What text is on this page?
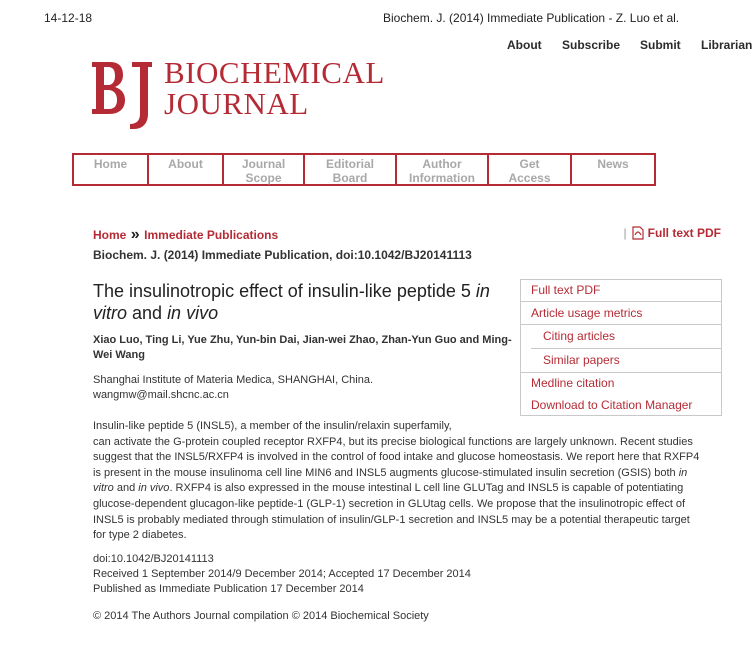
14-12-18	Biochem. J. (2014) Immediate Publication - Z. Luo et al.
About Subscribe Submit Librarian
BIOCHEMICAL
JOURNAL
Home	About	Journal
Scope
Editorial
Board
Author
Information
Get
Access
News
Home » Immediate Publications	| Full text PDF
Biochem. J. (2014) Immediate Publication, doi:10.1042/BJ20141113
The insulinotropic effect of insulin-like peptide 5 in vitro and in vivo
Xiao Luo, Ting Li, Yue Zhu, Yun-bin Dai, Jian-wei Zhao, Zhan-Yun Guo and Ming-Wei Wang
Shanghai Institute of Materia Medica, SHANGHAI, China.
wangmw@mail.shcnc.ac.cn
Insulin-like peptide 5 (INSL5), a member of the insulin/relaxin superfamily,
can activate the G-protein coupled receptor RXFP4, but its precise biological functions are largely unknown. Recent studies suggest that the INSL5/RXFP4 is involved in the control of food intake and glucose homeostasis. We report here that RXFP4 is present in the mouse insulinoma cell line MIN6 and INSL5 augments glucose-stimulated insulin secretion (GSIS) both in vitro and in vivo. RXFP4 is also expressed in the mouse intestinal L cell line GLUTag and INSL5 is capable of potentiating glucose-dependent glucagon-like peptide-1 (GLP-1) secretion in GLUtag cells. We propose that the insulinotropic effect of INSL5 is probably mediated through stimulation of insulin/GLP-1 secretion and INSL5 may be a potential therapeutic target for type 2 diabetes.
doi:10.1042/BJ20141113
Received 1 September 2014/9 December 2014; Accepted 17 December 2014
Published as Immediate Publication 17 December 2014
© 2014 The Authors Journal compilation © 2014 Biochemical Society
Full text PDF
Article usage metrics
Citing articles
Similar papers
Medline citation
Download to Citation Manager
